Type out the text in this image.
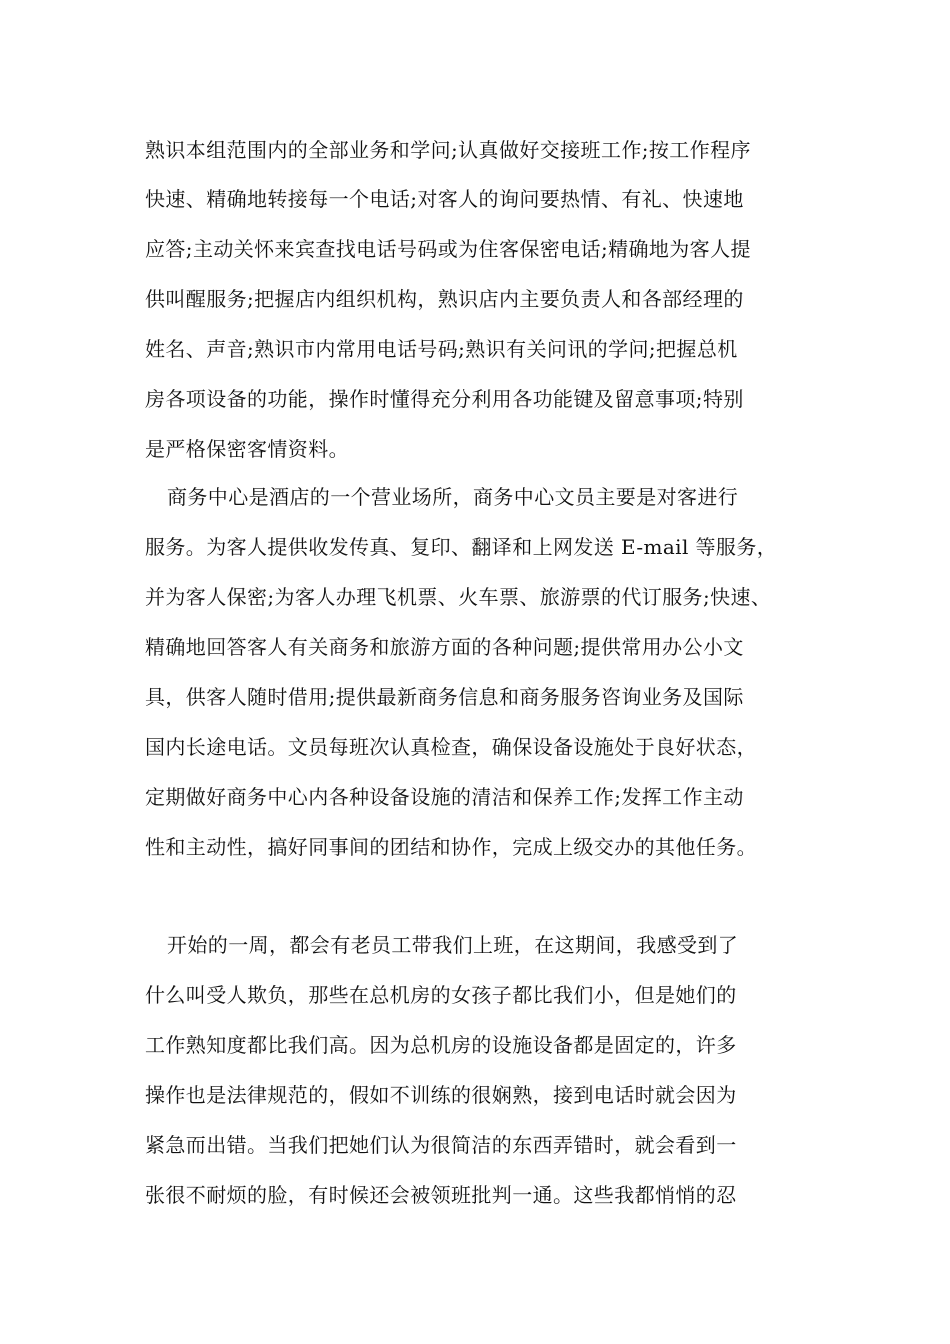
熟识本组范围内的全部业务和学问;认真做好交接班工作;按工作程序
快速、精确地转接每一个电话;对客人的询问要热情、有礼、快速地
应答;主动关怀来宾查找电话号码或为住客保密电话;精确地为客人提
供叫醒服务;把握店内组织机构，熟识店内主要负责人和各部经理的
姓名、声音;熟识市内常用电话号码;熟识有关问讯的学问;把握总机
房各项设备的功能，操作时懂得充分利用各功能键及留意事项;特别
是严格保密客情资料。
商务中心是酒店的一个营业场所，商务中心文员主要是对客进行
服务。为客人提供收发传真、复印、翻译和上网发送 E-mail 等服务，
并为客人保密;为客人办理飞机票、火车票、旅游票的代订服务;快速、
精确地回答客人有关商务和旅游方面的各种问题;提供常用办公小文
具，供客人随时借用;提供最新商务信息和商务服务咨询业务及国际
国内长途电话。文员每班次认真检查，确保设备设施处于良好状态，
定期做好商务中心内各种设备设施的清洁和保养工作;发挥工作主动
性和主动性，搞好同事间的团结和协作，完成上级交办的其他任务。
开始的一周，都会有老员工带我们上班，在这期间，我感受到了
什么叫受人欺负，那些在总机房的女孩子都比我们小，但是她们的
工作熟知度都比我们高。因为总机房的设施设备都是固定的，许多
操作也是法律规范的，假如不训练的很娴熟，接到电话时就会因为
紧急而出错。当我们把她们认为很简洁的东西弄错时，就会看到一
张很不耐烦的脸，有时候还会被领班批判一通。这些我都悄悄的忍
